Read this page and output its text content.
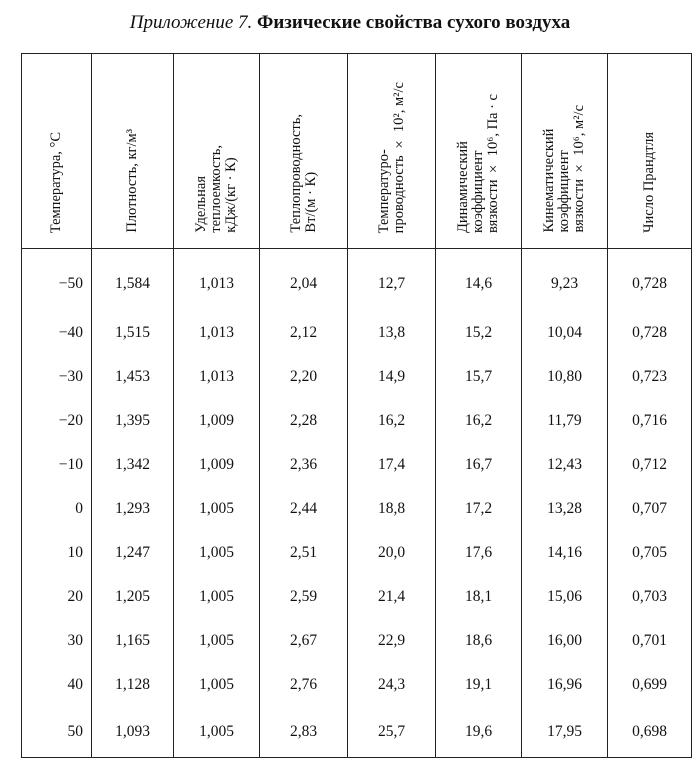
Приложение 7. Физические свойства сухого воздуха
Температура, °С	Плотность, кг/м³	Удельная
теплоемкость,
кДж/(кг · К)	Теплопроводность,
Вт/(м · К)	Температуро-
проводность × 10², м²/с	Динамический
коэффициент
вязкости × 10⁶, Па · с	Кинематический
коэффициент
вязкости × 10⁶, м²/с	Число Прандтля
−50	1,584	1,013	2,04	12,7	14,6	9,23	0,728
−40	1,515	1,013	2,12	13,8	15,2	10,04	0,728
−30	1,453	1,013	2,20	14,9	15,7	10,80	0,723
−20	1,395	1,009	2,28	16,2	16,2	11,79	0,716
−10	1,342	1,009	2,36	17,4	16,7	12,43	0,712
0	1,293	1,005	2,44	18,8	17,2	13,28	0,707
10	1,247	1,005	2,51	20,0	17,6	14,16	0,705
20	1,205	1,005	2,59	21,4	18,1	15,06	0,703
30	1,165	1,005	2,67	22,9	18,6	16,00	0,701
40	1,128	1,005	2,76	24,3	19,1	16,96	0,699
50	1,093	1,005	2,83	25,7	19,6	17,95	0,698
